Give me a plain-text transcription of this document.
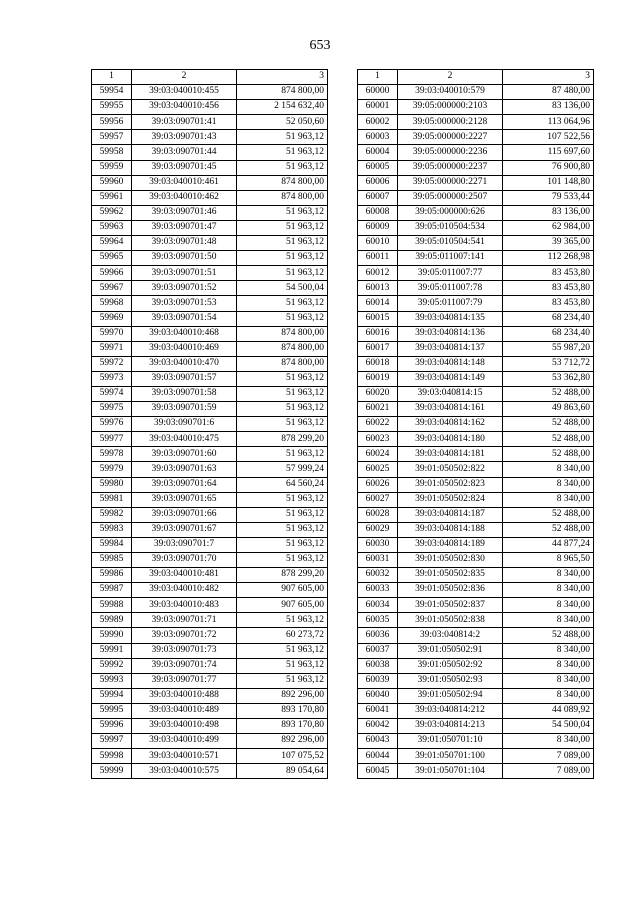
653
1	2	3
59954	39:03:040010:455	874 800,00
59955	39:03:040010:456	2 154 632,40
59956	39:03:090701:41	52 050,60
59957	39:03:090701:43	51 963,12
59958	39:03:090701:44	51 963,12
59959	39:03:090701:45	51 963,12
59960	39:03:040010:461	874 800,00
59961	39:03:040010:462	874 800,00
59962	39:03:090701:46	51 963,12
59963	39:03:090701:47	51 963,12
59964	39:03:090701:48	51 963,12
59965	39:03:090701:50	51 963,12
59966	39:03:090701:51	51 963,12
59967	39:03:090701:52	54 500,04
59968	39:03:090701:53	51 963,12
59969	39:03:090701:54	51 963,12
59970	39:03:040010:468	874 800,00
59971	39:03:040010:469	874 800,00
59972	39:03:040010:470	874 800,00
59973	39:03:090701:57	51 963,12
59974	39:03:090701:58	51 963,12
59975	39:03:090701:59	51 963,12
59976	39:03:090701:6	51 963,12
59977	39:03:040010:475	878 299,20
59978	39:03:090701:60	51 963,12
59979	39:03:090701:63	57 999,24
59980	39:03:090701:64	64 560,24
59981	39:03:090701:65	51 963,12
59982	39:03:090701:66	51 963,12
59983	39:03:090701:67	51 963,12
59984	39:03:090701:7	51 963,12
59985	39:03:090701:70	51 963,12
59986	39:03:040010:481	878 299,20
59987	39:03:040010:482	907 605,00
59988	39:03:040010:483	907 605,00
59989	39:03:090701:71	51 963,12
59990	39:03:090701:72	60 273,72
59991	39:03:090701:73	51 963,12
59992	39:03:090701:74	51 963,12
59993	39:03:090701:77	51 963,12
59994	39:03:040010:488	892 296,00
59995	39:03:040010:489	893 170,80
59996	39:03:040010:498	893 170,80
59997	39:03:040010:499	892 296,00
59998	39:03:040010:571	107 075,52
59999	39:03:040010:575	89 054,64
1	2	3
60000	39:03:040010:579	87 480,00
60001	39:05:000000:2103	83 136,00
60002	39:05:000000:2128	113 064,96
60003	39:05:000000:2227	107 522,56
60004	39:05:000000:2236	115 697,60
60005	39:05:000000:2237	76 900,80
60006	39:05:000000:2271	101 148,80
60007	39:05:000000:2507	79 533,44
60008	39:05:000000:626	83 136,00
60009	39:05:010504:534	62 984,00
60010	39:05:010504:541	39 365,00
60011	39:05:011007:141	112 268,98
60012	39:05:011007:77	83 453,80
60013	39:05:011007:78	83 453,80
60014	39:05:011007:79	83 453,80
60015	39:03:040814:135	68 234,40
60016	39:03:040814:136	68 234,40
60017	39:03:040814:137	55 987,20
60018	39:03:040814:148	53 712,72
60019	39:03:040814:149	53 362,80
60020	39:03:040814:15	52 488,00
60021	39:03:040814:161	49 863,60
60022	39:03:040814:162	52 488,00
60023	39:03:040814:180	52 488,00
60024	39:03:040814:181	52 488,00
60025	39:01:050502:822	8 340,00
60026	39:01:050502:823	8 340,00
60027	39:01:050502:824	8 340,00
60028	39:03:040814:187	52 488,00
60029	39:03:040814:188	52 488,00
60030	39:03:040814:189	44 877,24
60031	39:01:050502:830	8 965,50
60032	39:01:050502:835	8 340,00
60033	39:01:050502:836	8 340,00
60034	39:01:050502:837	8 340,00
60035	39:01:050502:838	8 340,00
60036	39:03:040814:2	52 488,00
60037	39:01:050502:91	8 340,00
60038	39:01:050502:92	8 340,00
60039	39:01:050502:93	8 340,00
60040	39:01:050502:94	8 340,00
60041	39:03:040814:212	44 089,92
60042	39:03:040814:213	54 500,04
60043	39:01:050701:10	8 340,00
60044	39:01:050701:100	7 089,00
60045	39:01:050701:104	7 089,00
